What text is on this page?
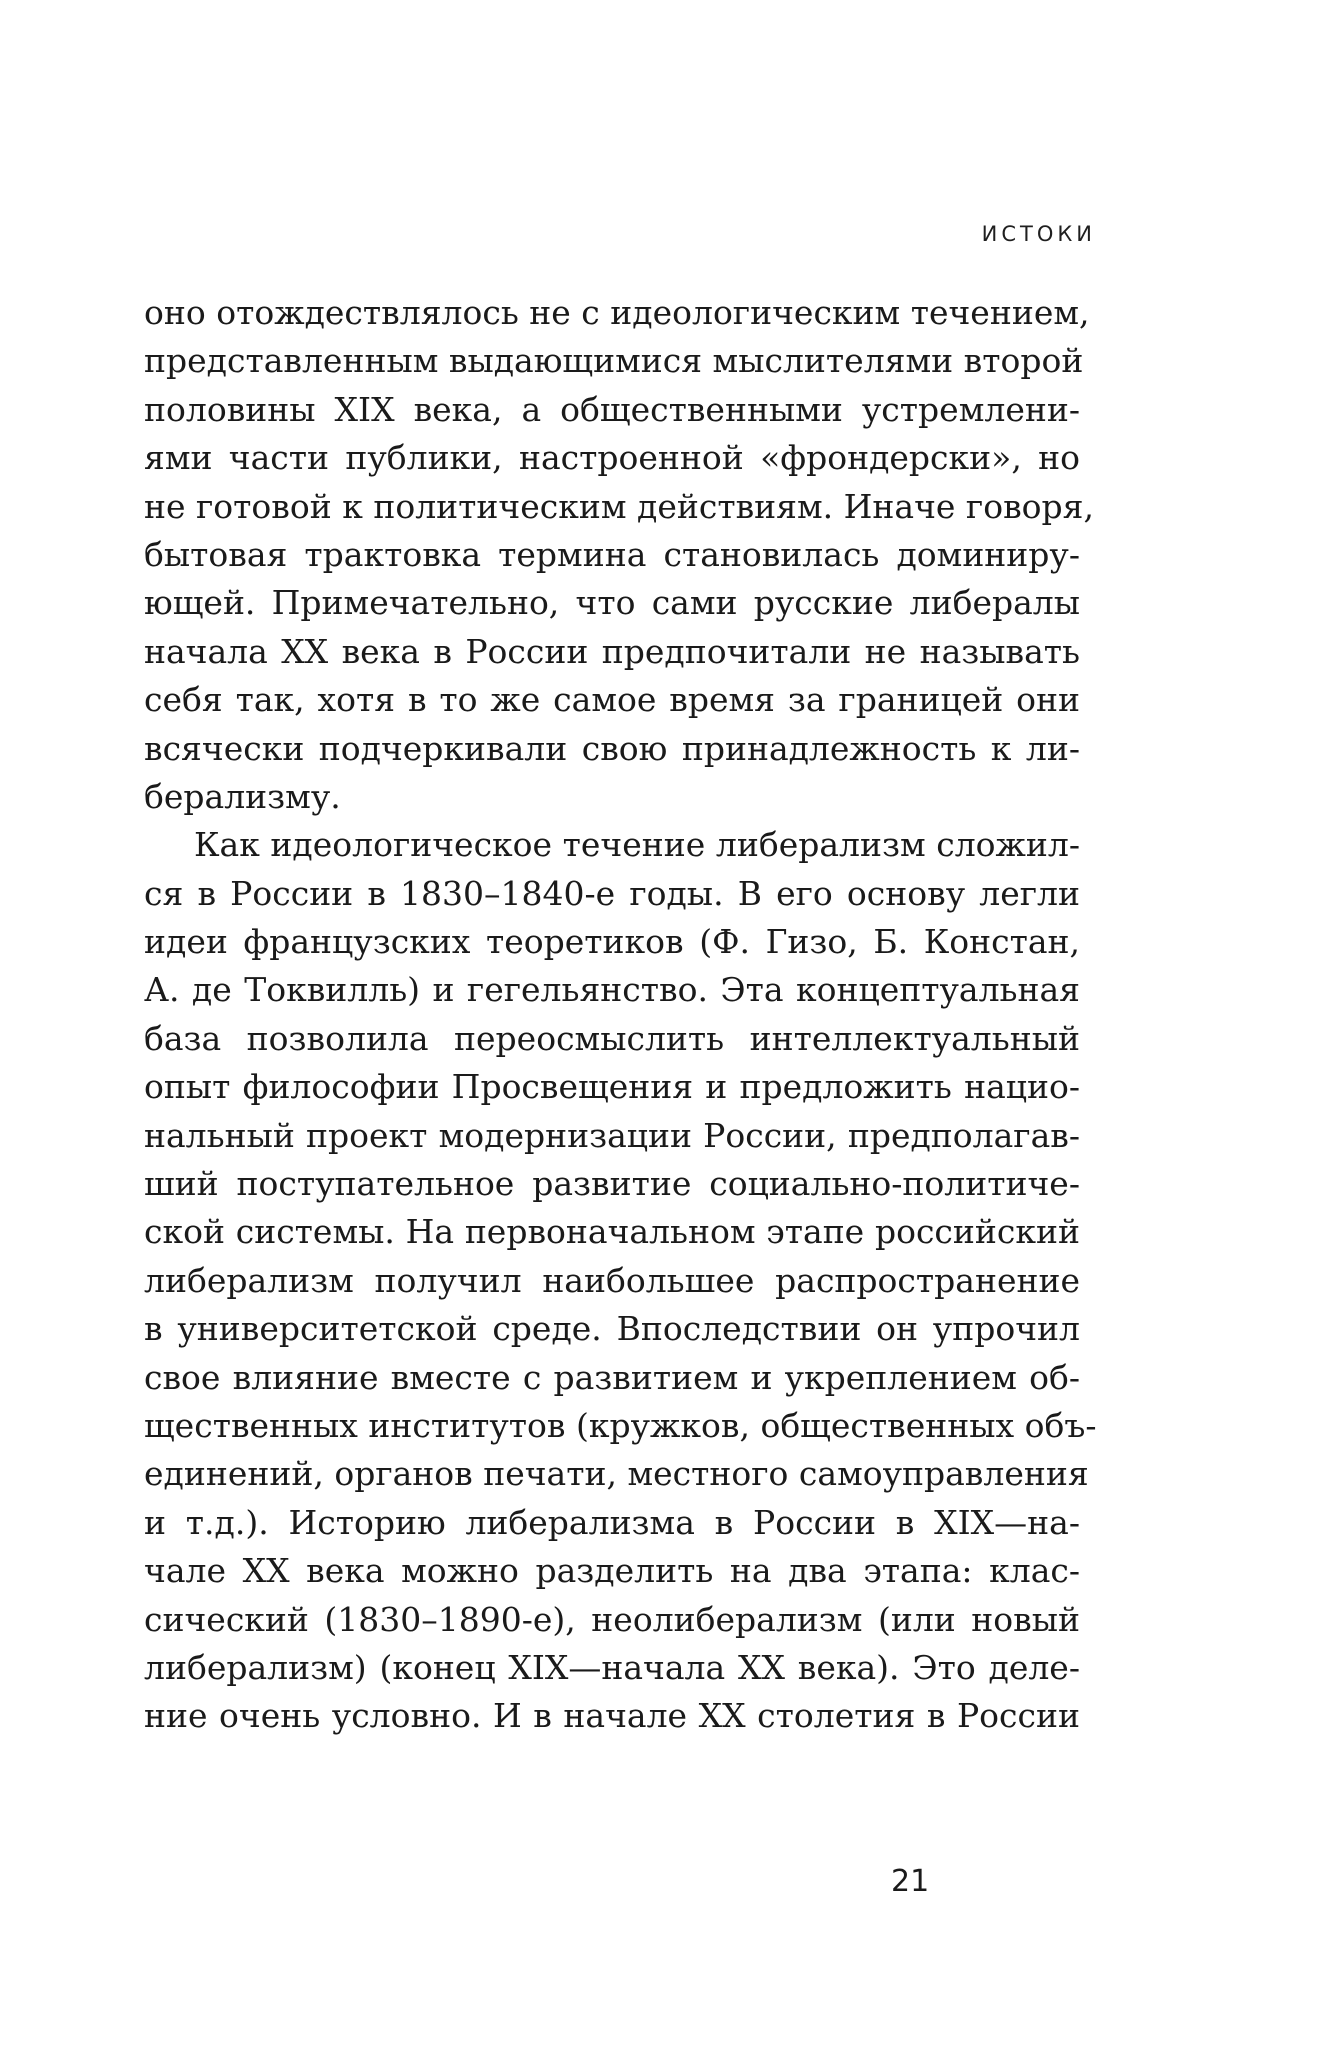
ИСТОКИ

оно отождествлялось не с идеологическим течением,
представленным выдающимися мыслителями второй
половины XIX века, а общественными устремлени-
ями части публики, настроенной «фрондерски», но
не готовой к политическим действиям. Иначе говоря,
бытовая трактовка термина становилась доминиру-
ющей. Примечательно, что сами русские либералы
начала XX века в России предпочитали не называть
себя так, хотя в то же самое время за границей они
всячески подчеркивали свою принадлежность к ли-
берализму.

Как идеологическое течение либерализм сложил-
ся в России в 1830–1840-е годы. В его основу легли
идеи французских теоретиков (Ф. Гизо, Б. Констан,
А. де Токвилль) и гегельянство. Эта концептуальная
база позволила переосмыслить интеллектуальный
опыт философии Просвещения и предложить нацио-
нальный проект модернизации России, предполагав-
ший поступательное развитие социально-политиче-
ской системы. На первоначальном этапе российский
либерализм получил наибольшее распространение
в университетской среде. Впоследствии он упрочил
свое влияние вместе с развитием и укреплением об-
щественных институтов (кружков, общественных объ-
единений, органов печати, местного самоуправления
и т.д.). Историю либерализма в России в XIX—на-
чале XX века можно разделить на два этапа: клас-
сический (1830–1890-е), неолиберализм (или новый
либерализм) (конец XIX—начала XX века). Это деле-
ние очень условно. И в начале XX столетия в России

21
